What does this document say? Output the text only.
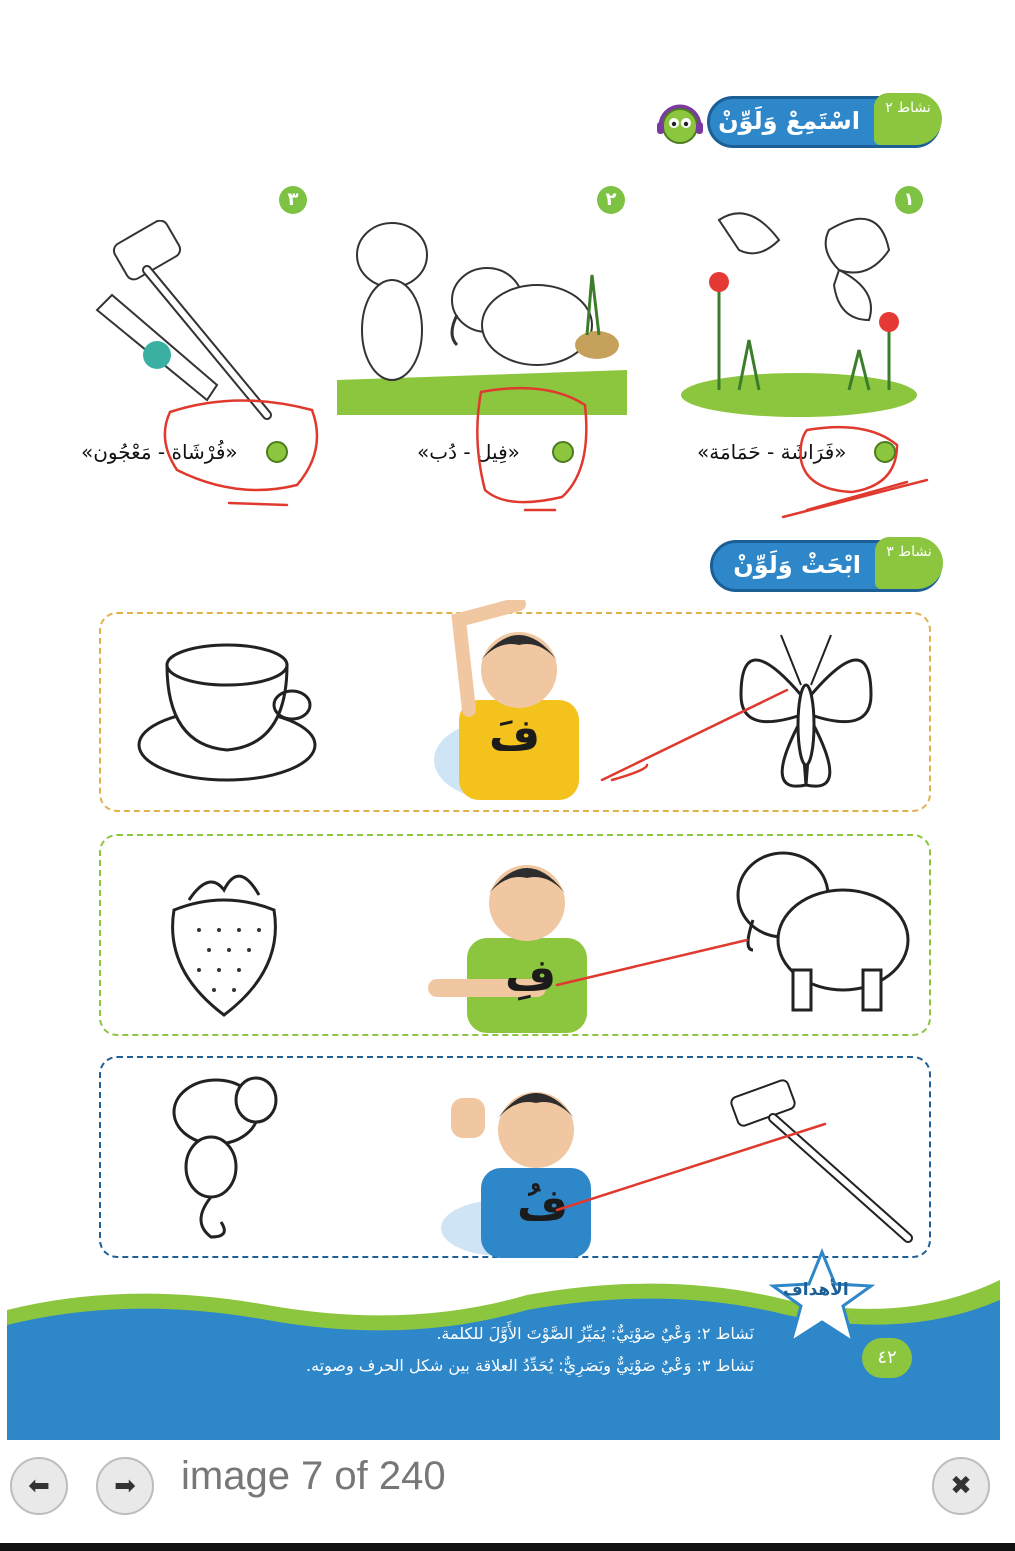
نشاط ٢
اسْتَمِعْ وَلَوِّنْ
١
«فَرَاشَة - حَمَامَة»
٢
«فِيل - دُب»
٣
«فُرْشَاة - مَعْجُون»
نشاط ٣
ابْحَثْ وَلَوِّنْ
فَ
فِ
فُ
الأهداف
٤٢
نَشاط ٢: وَعْيٌ صَوْتِيٌّ: يُمَيِّزُ الصَّوْتَ الأَوَّلَ للكلمة.
نَشاط ٣: وَعْيٌ صَوْتِيٌّ وبَصَرِيٌّ: يُحَدِّدُ العلاقة بين شكل الحرف وصوته.
⬅	➡	image 7 of 240	✖
